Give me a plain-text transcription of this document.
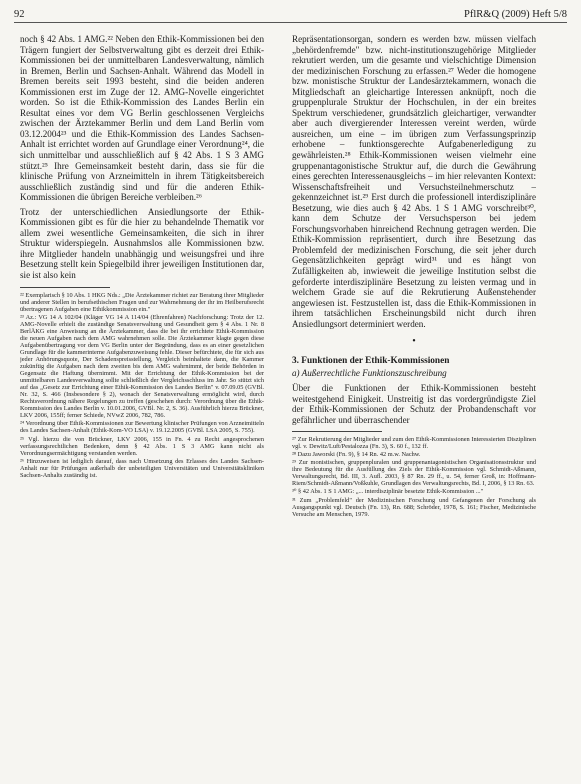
92	PflR&Q (2009) Heft 5/8

noch § 42 Abs. 1 AMG.²² Neben den Ethik-Kommissionen bei den Trägern fungiert der Selbstverwaltung gibt es derzeit drei Ethik-Kommissionen bei der unmittelbaren Landesverwaltung, nämlich in Bremen, Berlin und Sachsen-Anhalt. Während das Modell in Bremen bereits seit 1993 besteht, sind die beiden anderen Kommissionen erst im Zuge der 12. AMG-Novelle eingerichtet worden. So ist die Ethik-Kommission des Landes Berlin ein Resultat eines vor dem VG Berlin geschlossenen Vergleichs zwischen der Ärztekammer Berlin und dem Land Berlin vom 03.12.2004²³ und die Ethik-Kommission des Landes Sachsen-Anhalt ist errichtet worden auf Grundlage einer Verordnung²⁴, die sich unmittelbar und ausschließlich auf § 42 Abs. 1 S 3 AMG stützt.²⁵ Ihre Gemeinsamkeit besteht darin, dass sie für die klinische Prüfung von Arzneimitteln in ihrem Tätigkeitsbereich ausschließlich zuständig sind und für die anderen Ethik-Kommissionen die übrigen Bereiche verbleiben.²⁶

Trotz der unterschiedlichen Ansiedlungsorte der Ethik-Kommissionen gibt es für die hier zu behandelnde Thematik vor allem zwei wesentliche Gemeinsamkeiten, die sich in ihrer Struktur widerspiegeln. Ausnahmslos alle Kommissionen bzw. ihre Mitglieder handeln unabhängig und weisungsfrei und ihre Besetzung stellt kein Spiegelbild ihrer jeweiligen Institutionen dar, sie ist also kein

²² Exemplarisch § 10 Abs. 1 HKG Nds.: „Die Ärztekammer richtet zur Beratung ihrer Mitglieder und anderer Stellen in berufsethischen Fragen und zur Wahrnehmung der ihr im Heilberufsrecht übertragenen Aufgaben eine Ethikkommission ein."

²³ Az.: VG 14 A 102/04 (Kläger VG 14 A 114/04 (Ehrenfahren) Nachforschung: Trotz der 12. AMG-Novelle erhielt die zuständige Senatsverwaltung und Gesundheit gem § 4 Abs. 1 Nr. 8 BerlÄKG eine Anweisung an die Ärztekammer, dass die bei ihr errichtete Ethik-Kommission die neuen Aufgaben nach dem AMG wahrnehmen solle. Die Ärztekammer klagte gegen diese Aufgabenübertragung vor dem VG Berlin unter der Begründung, dass es an einer gesetzlichen Grundlage für die kammerinterne Aufgabenzuweisung fehle. Dieser befürchtete, die für sich aus jeder Anhörungsquote, Der Schadenspreisstellung, Vergleich beinhaltete dann, die Kammer zukünftig die Aufgaben nach dem zweiten bis dem AMG wahrnimmt, der beide Behörden in Gegensatz die Haftung übernimmt. Mit der Errichtung der Ethik-Kommission bei der unmittelbaren Landesverwaltung sollte schließlich der Vergleichsschluss im Jahr. So stützt sich auf das „Gesetz zur Errichtung einer Ethik-Kommission des Landes Berlin" v. 07.09.05 (GVBl. Nr. 32, S. 466 (Insbesondere § 2), wonach der Senatsverwaltung ermöglicht wird, durch Rechtsverordnung nähere Regelungen zu treffen (geschehen durch: Verordnung über die Ethik-Kommission des Landes Berlin v. 10.01.2006, GVBl. Nr. 2, S. 36). Ausführlich hierzu Brückner, LKV 2006, 155ff; ferner Schiede, NVwZ 2006, 782, 786.

²⁴ Verordnung über Ethik-Kommissionen zur Bewertung klinischer Prüfungen von Arzneimitteln des Landes Sachsen-Anhalt (Ethik-Kom-VO LSA) v. 19.12.2005 (GVBl. LSA 2005, S. 755).

²⁵ Vgl. hierzu die von Brückner, LKV 2006, 155 in Fn. 4 zu Recht angesprochenen verfassungsrechtlichen Bedenken, denn § 42 Abs. 1 S 3 AMG kann nicht als Verordnungsermächtigung verstanden werden.

²⁶ Hinzuweisen ist lediglich darauf, dass nach Umsetzung des Erlasses des Landes Sachsen-Anhalt nur für Prüfungen außerhalb der unbeteiligten Universitäten und Universitätskliniken Sachsen-Anhalts zuständig ist.

Repräsentationsorgan, sondern es werden bzw. müssen vielfach „behördenfremde" bzw. nicht-institutionszugehörige Mitglieder rekrutiert werden, um die gesamte und vielschichtige Dimension der medizinischen Forschung zu erfassen.²⁷ Weder die homogene bzw. monistische Struktur der Landesärztekammern, wonach die Mitgliedschaft an gleichartige Interessen anknüpft, noch die gruppenplurale Struktur der Hochschulen, in der ein breites Spektrum verschiedener, grundsätzlich gleichartiger, verwandter aber auch divergierender Interessen vereint werden, würde ausreichen, um eine – im übrigen zum Verfassungsprinzip erhobene – funktionsgerechte Aufgabenerledigung zu gewährleisten.²⁸ Ethik-Kommissionen weisen vielmehr eine gruppenantagonistische Struktur auf, die durch die Gewährung eines gerechten Interessenausgleichs – im hier relevanten Kontext: Wissenschaftsfreiheit und Versuchsteilnehmerschutz – gekennzeichnet ist.²⁹ Erst durch die professionell interdisziplinäre Besetzung, wie dies auch § 42 Abs. 1 S 1 AMG vorschreibt³⁰, kann dem Schutze der Versuchsperson bei jedem Forschungsvorhaben hinreichend Rechnung getragen werden. Die Ethik-Kommission repräsentiert, durch ihre Besetzung das Problemfeld der medizinischen Forschung, die seit jeher durch Gegensätzlichkeiten geprägt wird³¹ und es hängt von Zufälligkeiten ab, inwieweit die jeweilige Institution selbst die geforderte interdisziplinäre Besetzung zu leisten vermag und in welchem Grade sie auf die Rekrutierung Außenstehender angewiesen ist. Festzustellen ist, dass die Ethik-Kommissionen in ihrem tatsächlichen Erscheinungsbild nicht durch ihren Ansiedlungsort determiniert werden.

•
3. Funktionen der Ethik-Kommissionen
a) Außerrechtliche Funktionszuschreibung

Über die Funktionen der Ethik-Kommissionen besteht weitestgehend Einigkeit. Unstreitig ist das vordergründigste Ziel der Ethik-Kommissionen der Schutz der Probandenschaft vor gefährlicher und überraschender

²⁷ Zur Rekrutierung der Mitglieder und zum den Ethik-Kommissionen Interessierten Disziplinen vgl. v. Dewitz/Luft/Pestalozza (Fn. 3), S. 60 f., 132 ff.

²⁸ Dazu Jaworski (Fn. 9), § 14 Rn. 42 m.w. Nachw.

²⁹ Zur monistischen, gruppenpluralen und gruppenantagonistischen Organisationsstruktur und ihre Bedeutung für die Ausfüllung des Ziels der Ethik-Kommission vgl. Schmidt-Aßmann, Verwaltungsrecht, Bd. III, 3. Aufl. 2003, § 87 Rn. 29 ff., u. 54, ferner Groß, in: Hoffmann-Riem/Schmidt-Aßmann/Voßkuhle, Grundlagen des Verwaltungsrechts, Bd. I, 2006, § 13 Rn. 63.

³⁰ § 42 Abs. 1 S 1 AMG: „... interdisziplinär besetzte Ethik-Kommission ..."

³¹ Zum „Problemfeld" der Medizinischen Forschung und Gefangenen der Forschung als Ausgangspunkt vgl. Deutsch (Fn. 13), Rn. 688; Schröder, 1978, S. 161; Fischer, Medizinische Versuche am Menschen, 1979.
